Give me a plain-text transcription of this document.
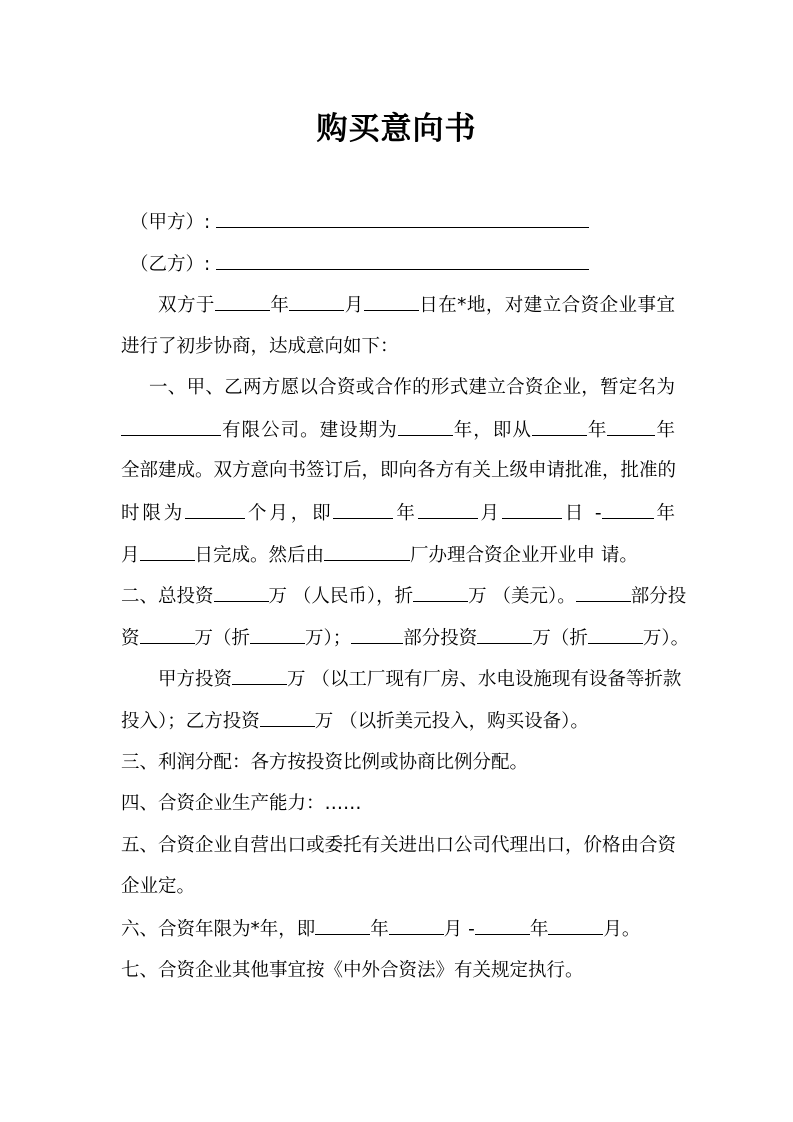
购买意向书
（甲方）:
（乙方）:
双方于	年	月	日在*地，对建立合资企业事宜
进行了初步协商，达成意向如下：
一、甲、乙两方愿以合资或合作的形式建立合资企业，暂定名为
有限公司。建设期为	年，即从	年	年
全部建成。双方意向书签订后，即向各方有关上级申请批准，批准的
时限为	个月，即	年	月	日 -	年
月	日完成。然后由	厂办理合资企业开业申 请。
二、总投资	万 （人民币），折	万 （美元）。	部分投
资	万（折	万）；	部分投资	万（折	万）。
甲方投资	万 （以工厂现有厂房、水电设施现有设备等折款
投入）；乙方投资	万 （以折美元投入，购买设备）。
三、利润分配：各方按投资比例或协商比例分配。
四、合资企业生产能力：……
五、合资企业自营出口或委托有关进出口公司代理出口，价格由合资
企业定。
六、合资年限为*年，即	年	月 -	年	月。
七、合资企业其他事宜按《中外合资法》有关规定执行。
